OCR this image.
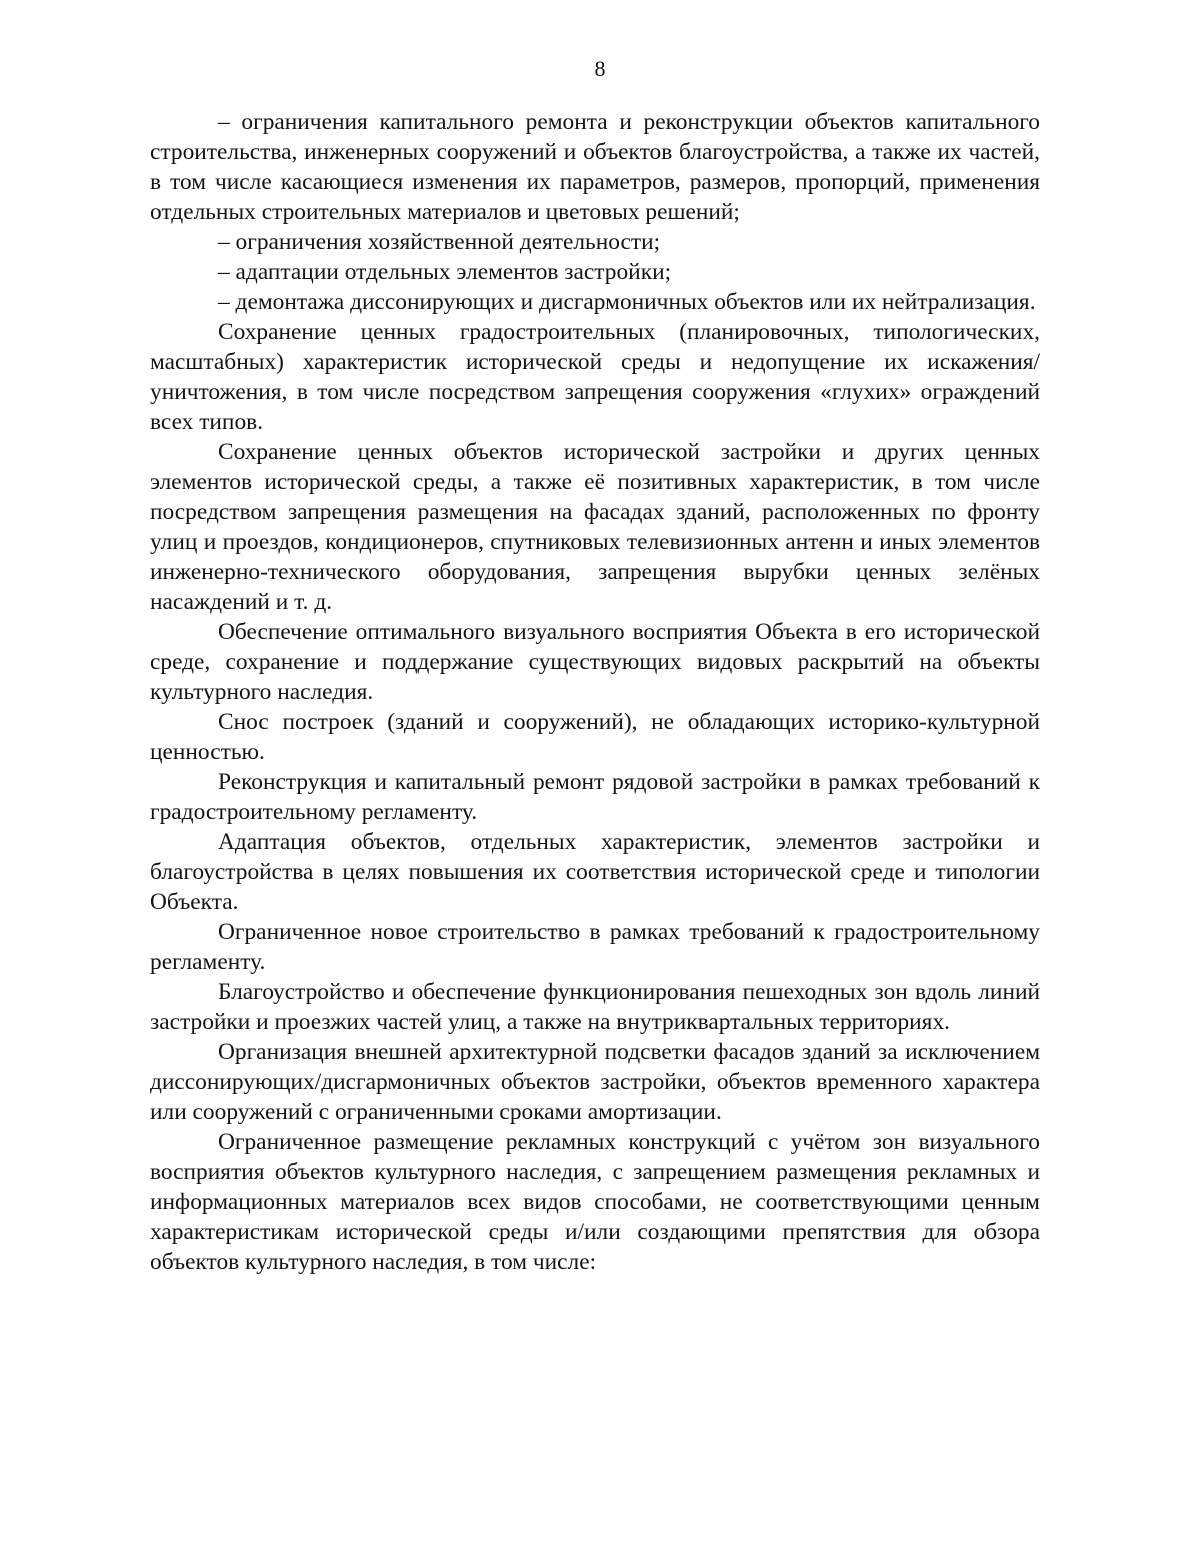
8

– ограничения капитального ремонта и реконструкции объектов капитального строительства, инженерных сооружений и объектов благоустройства, а также их частей, в том числе касающиеся изменения их параметров, размеров, пропорций, применения отдельных строительных материалов и цветовых решений;

– ограничения хозяйственной деятельности;

– адаптации отдельных элементов застройки;

– демонтажа диссонирующих и дисгармоничных объектов или их нейтрализация.

Сохранение ценных градостроительных (планировочных, типологических, масштабных) характеристик исторической среды и недопущение их искажения/уничтожения, в том числе посредством запрещения сооружения «глухих» ограждений всех типов.

Сохранение ценных объектов исторической застройки и других ценных элементов исторической среды, а также её позитивных характеристик, в том числе посредством запрещения размещения на фасадах зданий, расположенных по фронту улиц и проездов, кондиционеров, спутниковых телевизионных антенн и иных элементов инженерно-технического оборудования, запрещения вырубки ценных зелёных насаждений и т. д.

Обеспечение оптимального визуального восприятия Объекта в его исторической среде, сохранение и поддержание существующих видовых раскрытий на объекты культурного наследия.

Снос построек (зданий и сооружений), не обладающих историко-культурной ценностью.

Реконструкция и капитальный ремонт рядовой застройки в рамках требований к градостроительному регламенту.

Адаптация объектов, отдельных характеристик, элементов застройки и благоустройства в целях повышения их соответствия исторической среде и типологии Объекта.

Ограниченное новое строительство в рамках требований к градостроительному регламенту.

Благоустройство и обеспечение функционирования пешеходных зон вдоль линий застройки и проезжих частей улиц, а также на внутриквартальных территориях.

Организация внешней архитектурной подсветки фасадов зданий за исключением диссонирующих/дисгармоничных объектов застройки, объектов временного характера или сооружений с ограниченными сроками амортизации.

Ограниченное размещение рекламных конструкций с учётом зон визуального восприятия объектов культурного наследия, с запрещением размещения рекламных и информационных материалов всех видов способами, не соответствующими ценным характеристикам исторической среды и/или создающими препятствия для обзора объектов культурного наследия, в том числе:
